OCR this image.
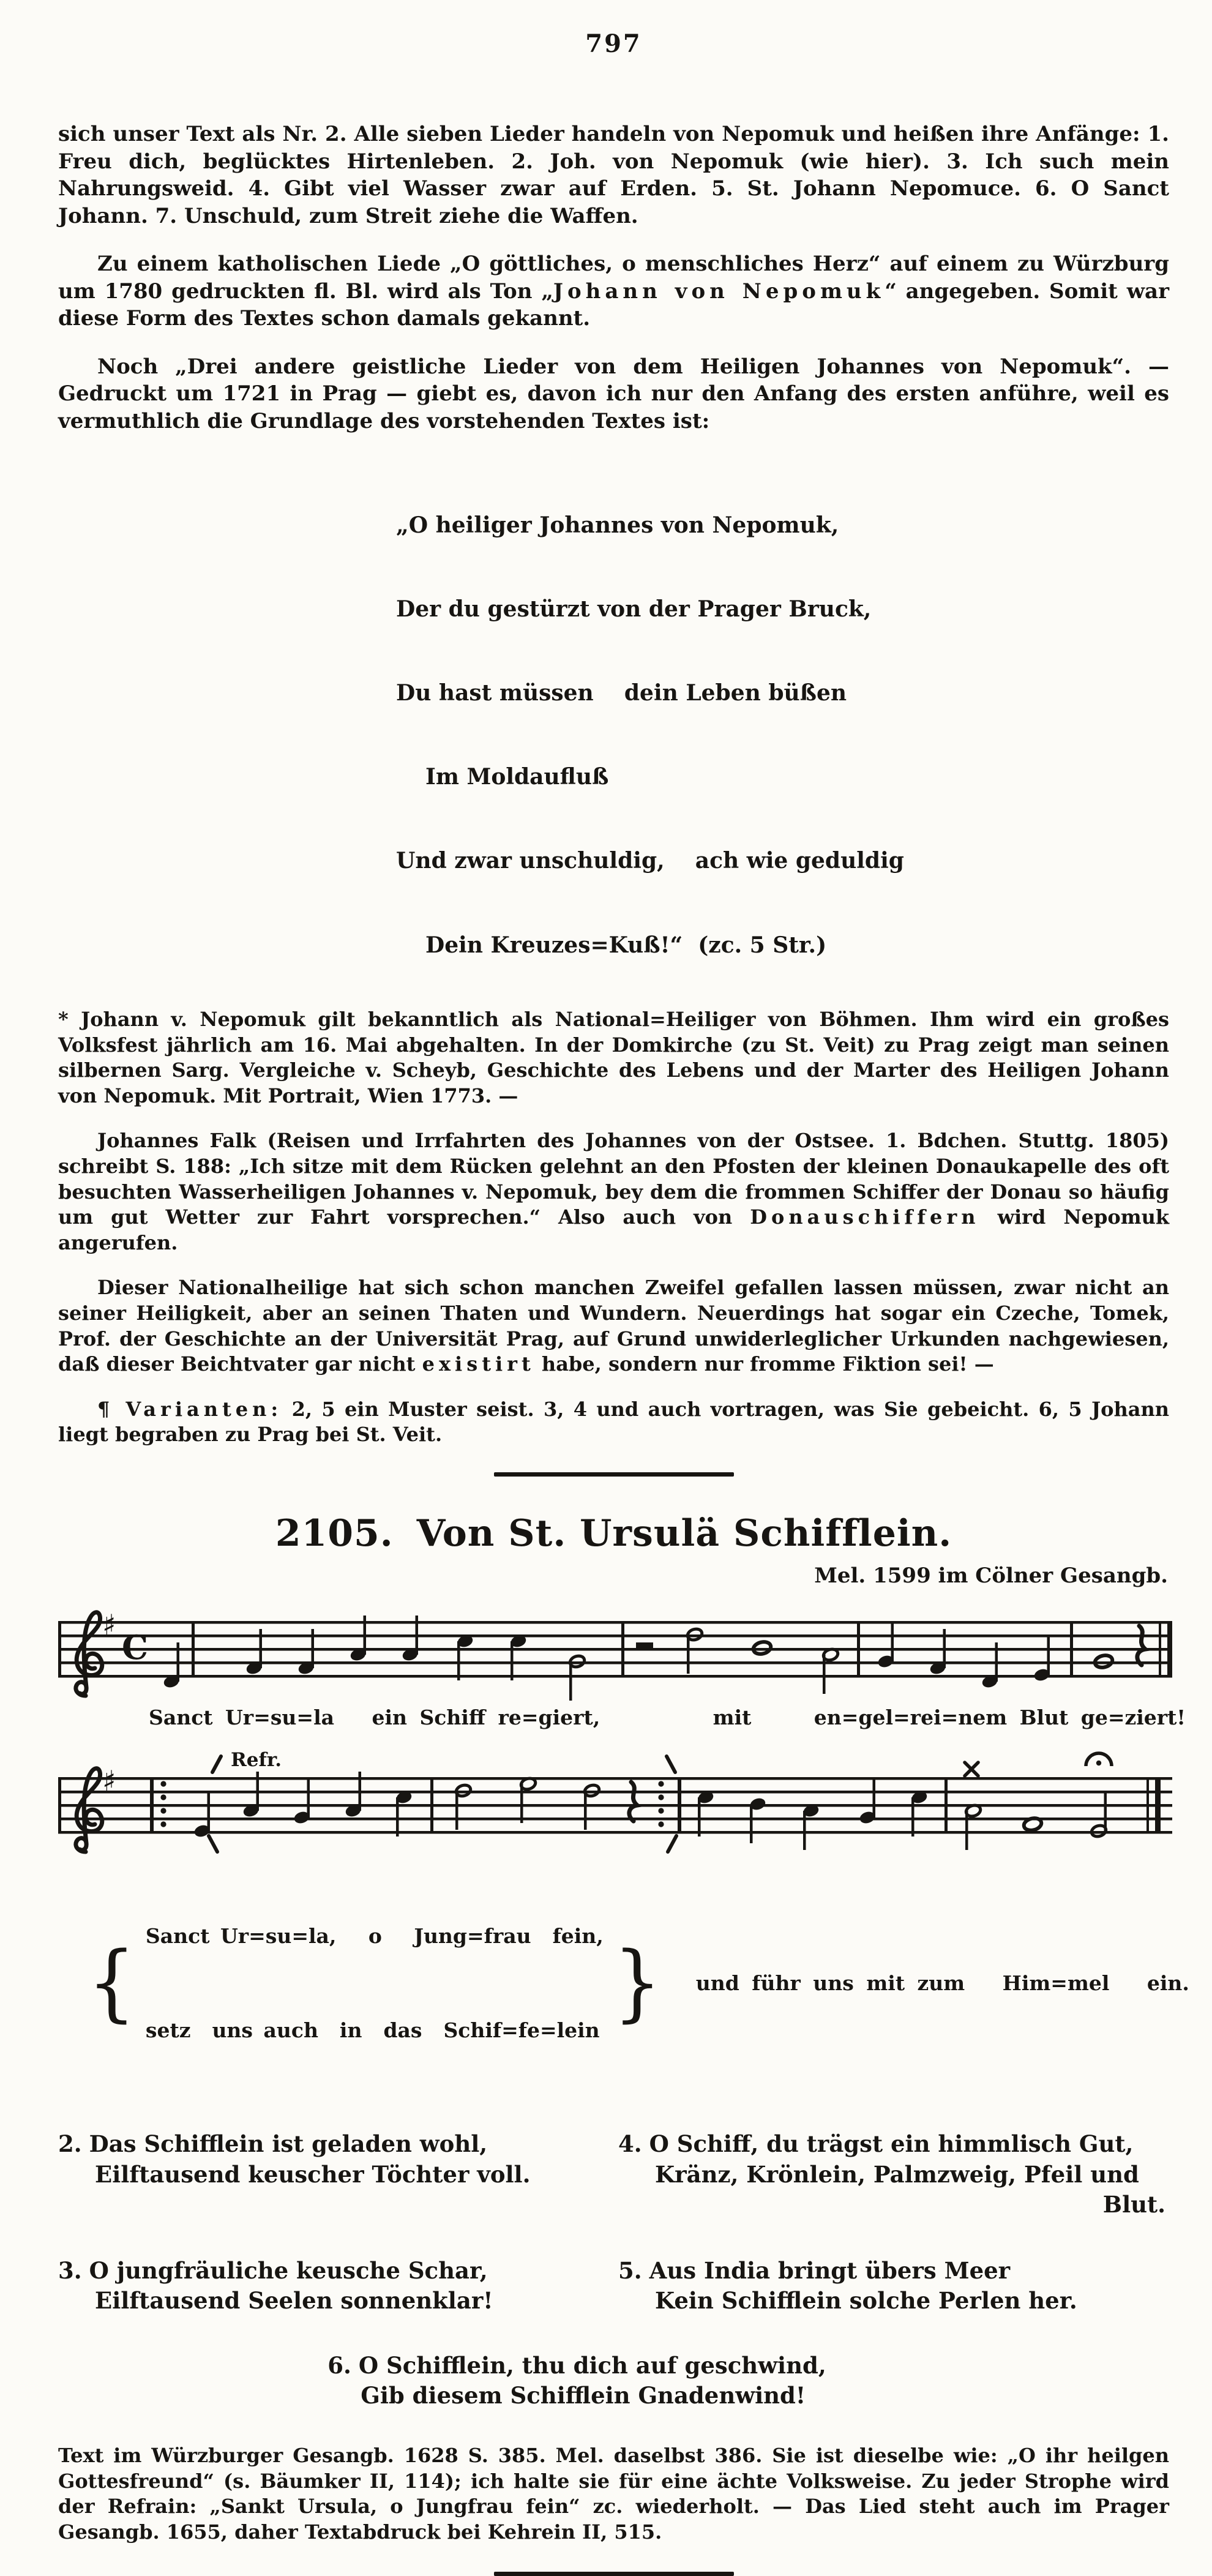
797

sich unser Text als Nr. 2. Alle sieben Lieder handeln von Nepomuk und heißen ihre Anfänge: 1. Freu dich, beglücktes Hirtenleben. 2. Joh. von Nepomuk (wie hier). 3. Ich such mein Nahrungsweid. 4. Gibt viel Wasser zwar auf Erden. 5. St. Johann Nepomuce. 6. O Sanct Johann. 7. Unschuld, zum Streit ziehe die Waffen.

Zu einem katholischen Liede „O göttliches, o menschliches Herz“ auf einem zu Würzburg um 1780 gedruckten fl. Bl. wird als Ton „Johann von Nepomuk“ angegeben. Somit war diese Form des Textes schon damals gekannt.

Noch „Drei andere geistliche Lieder von dem Heiligen Johannes von Nepomuk“. — Gedruckt um 1721 in Prag — giebt es, davon ich nur den Anfang des ersten anführe, weil es vermuthlich die Grundlage des vorstehenden Textes ist:

„O heiliger Johannes von Nepomuk,

Der du gestürzt von der Prager Bruck,

Du hast müssen    dein Leben büßen

Im Moldaufluß

Und zwar unschuldig,    ach wie geduldig

Dein Kreuzes=Kuß!“  (zc. 5 Str.)

* Johann v. Nepomuk gilt bekanntlich als National=Heiliger von Böhmen. Ihm wird ein großes Volksfest jährlich am 16. Mai abgehalten. In der Domkirche (zu St. Veit) zu Prag zeigt man seinen silbernen Sarg. Vergleiche v. Scheyb, Geschichte des Lebens und der Marter des Heiligen Johann von Nepomuk. Mit Portrait, Wien 1773. —

Johannes Falk (Reisen und Irrfahrten des Johannes von der Ostsee. 1. Bdchen. Stuttg. 1805) schreibt S. 188: „Ich sitze mit dem Rücken gelehnt an den Pfosten der kleinen Donaukapelle des oft besuchten Wasserheiligen Johannes v. Nepomuk, bey dem die frommen Schiffer der Donau so häufig um gut Wetter zur Fahrt vorsprechen.“ Also auch von Donauschiffern wird Nepomuk angerufen.

Dieser Nationalheilige hat sich schon manchen Zweifel gefallen lassen müssen, zwar nicht an seiner Heiligkeit, aber an seinen Thaten und Wundern. Neuerdings hat sogar ein Czeche, Tomek, Prof. der Geschichte an der Universität Prag, auf Grund unwiderleglicher Urkunden nachgewiesen, daß dieser Beichtvater gar nicht existirt habe, sondern nur fromme Fiktion sei! —

¶ Varianten: 2, 5 ein Muster seist. 3, 4 und auch vortragen, was Sie gebeicht. 6, 5 Johann liegt begraben zu Prag bei St. Veit.

2105. Von St. Ursulä Schifflein.
Mel. 1599 im Cölner Gesangb.
♯
C
Sanct Ur=su=la   ein Schiff re=giert,         mit     en=gel=rei=nem Blut ge=ziert!
Refr.
♯
{

Sanct Ur=su=la,   o   Jung=frau  fein,

setz  uns auch  in  das  Schif=fe=lein

} und führ uns mit zum   Him=mel   ein.
2. Das Schifflein ist geladen wohl,
Eilftausend keuscher Töchter voll.
4. O Schiff, du trägst ein himmlisch Gut,
Kränz, Krönlein, Palmzweig, Pfeil und
Blut.
3. O jungfräuliche keusche Schar,
Eilftausend Seelen sonnenklar!
5. Aus India bringt übers Meer
Kein Schifflein solche Perlen her.
6. O Schifflein, thu dich auf geschwind,
Gib diesem Schifflein Gnadenwind!

Text im Würzburger Gesangb. 1628 S. 385. Mel. daselbst 386. Sie ist dieselbe wie: „O ihr heilgen Gottesfreund“ (s. Bäumker II, 114); ich halte sie für eine ächte Volksweise. Zu jeder Strophe wird der Refrain: „Sankt Ursula, o Jungfrau fein“ zc. wiederholt. — Das Lied steht auch im Prager Gesangb. 1655, daher Textabdruck bei Kehrein II, 515.
